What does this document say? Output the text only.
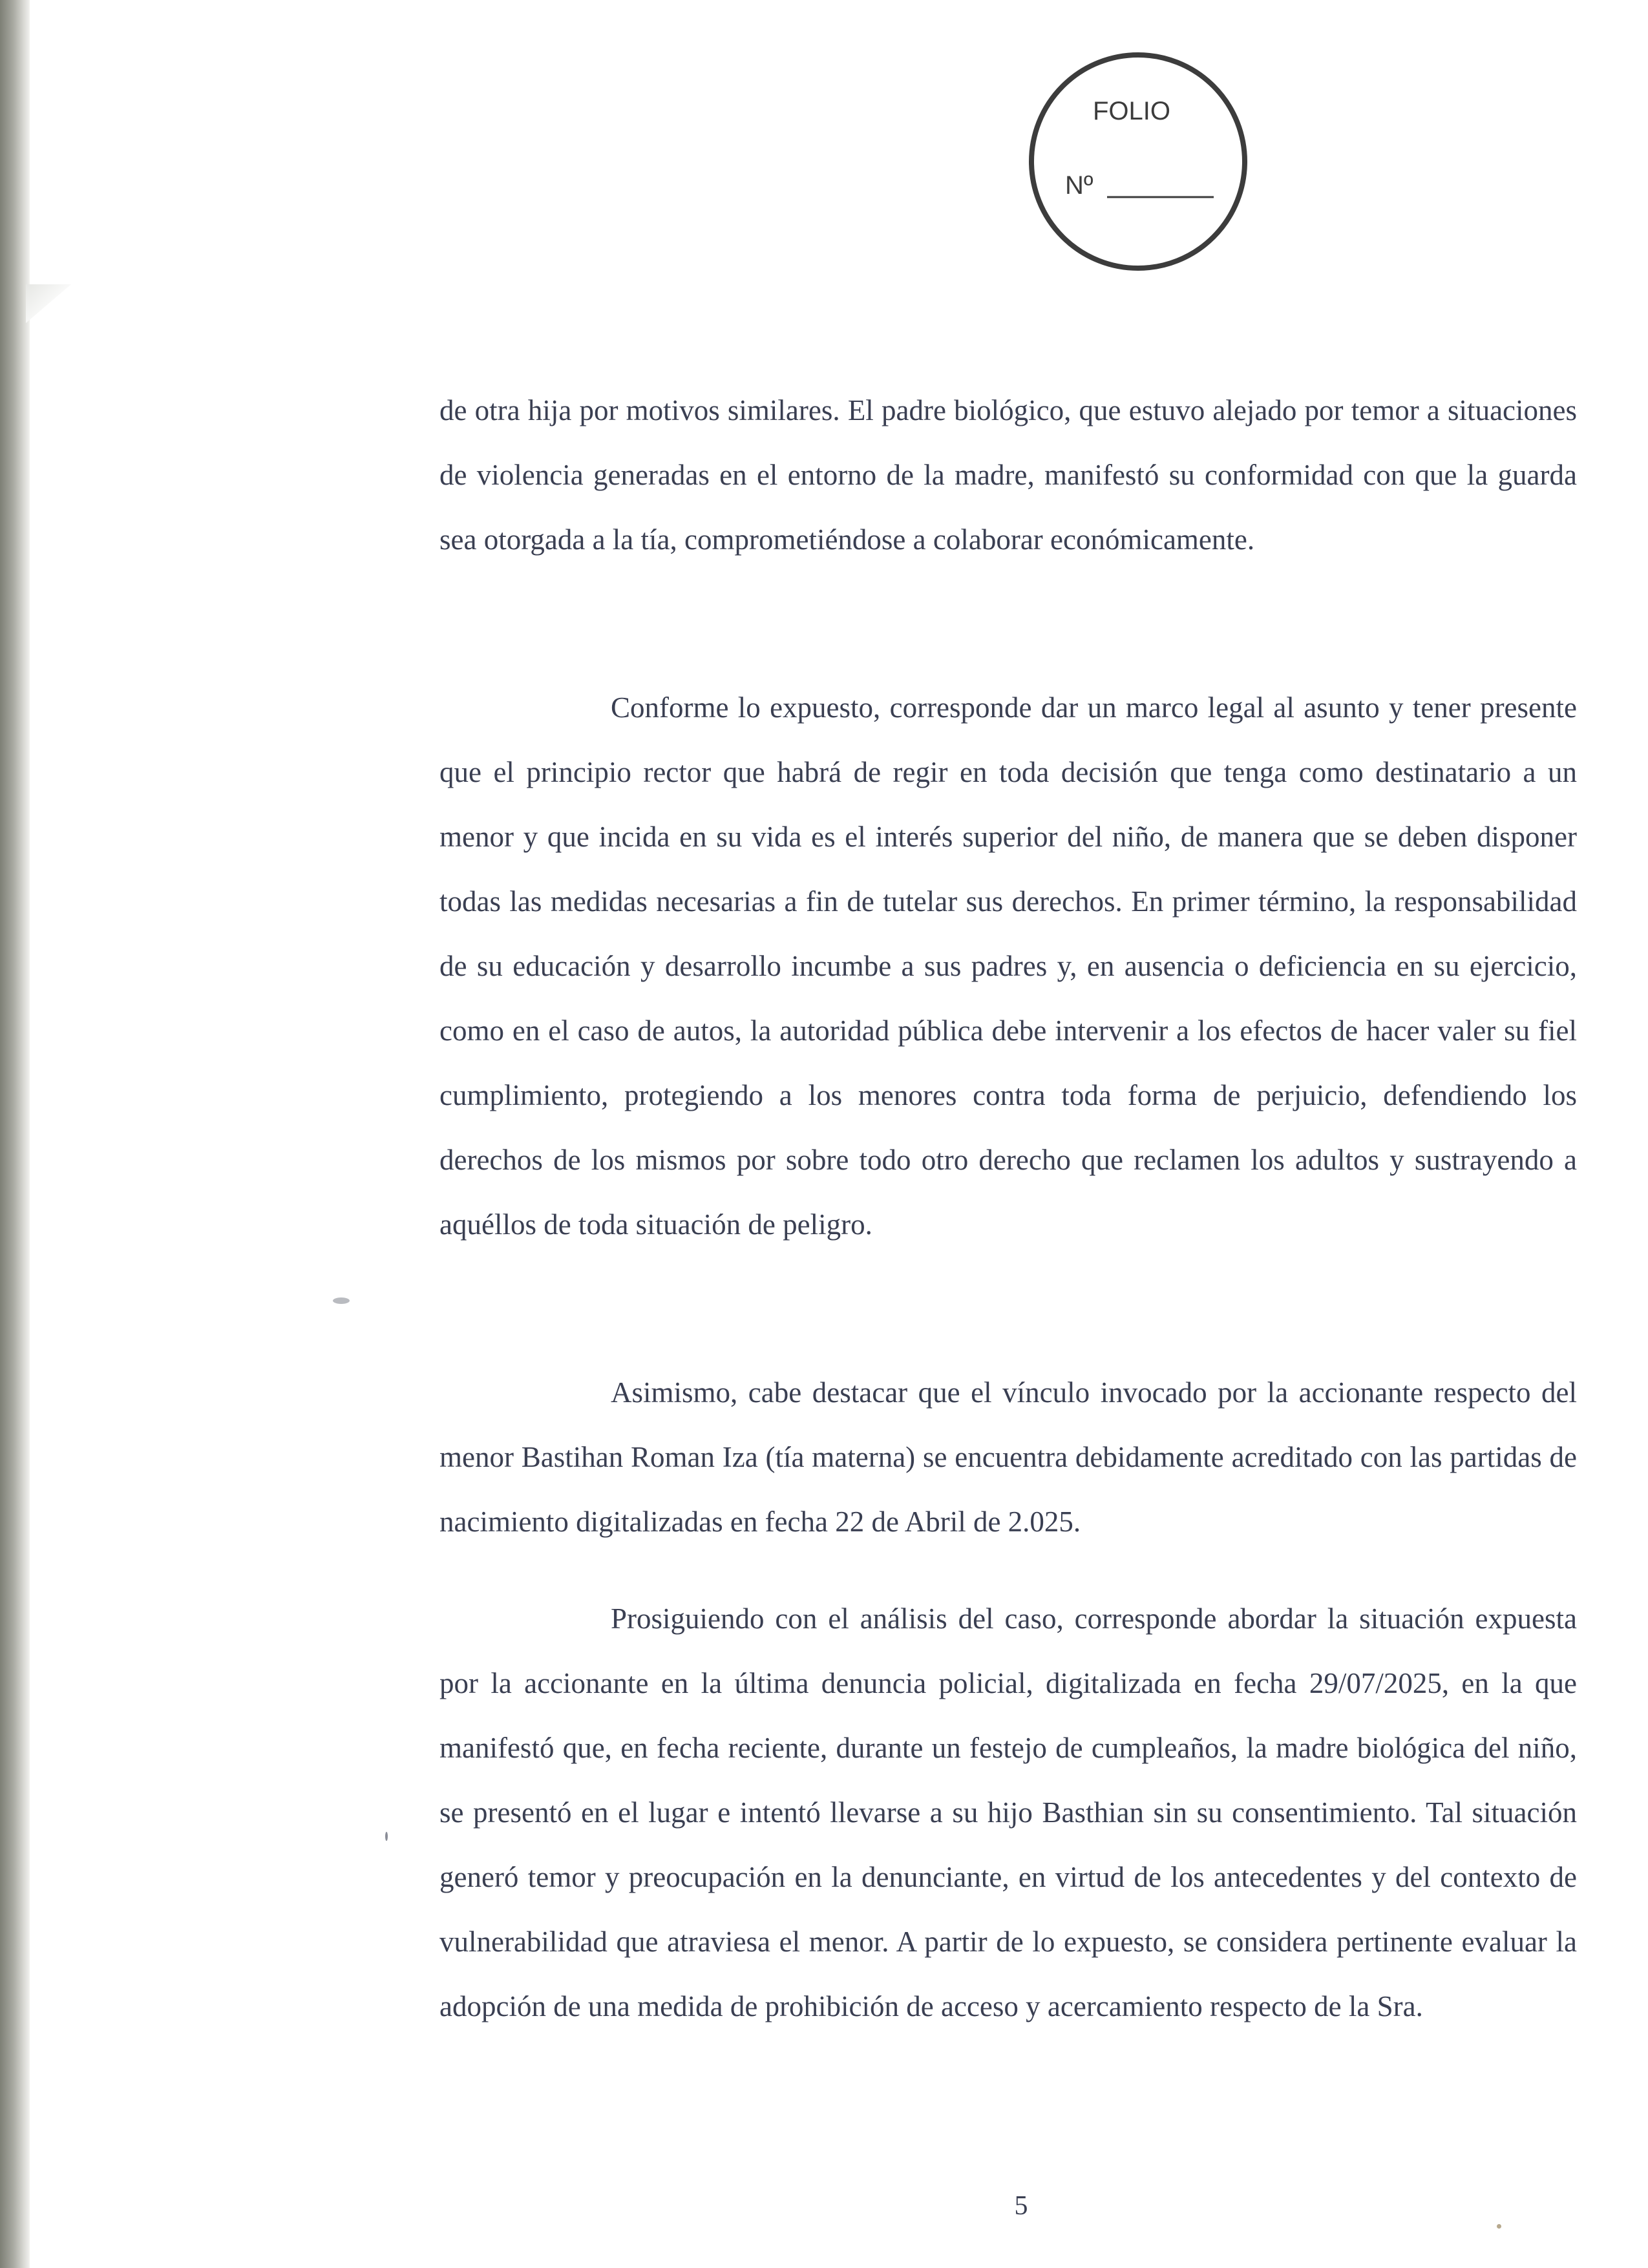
FOLIO
Nº
de otra hija por motivos similares. El padre biológico, que estuvo alejado por temor a situaciones de violencia generadas en el entorno de la madre, manifestó su conformidad con que la guarda sea otorgada a la tía, comprometiéndose a colaborar económicamente.
Conforme lo expuesto, corresponde dar un marco legal al asunto y tener presente que el principio rector que habrá de regir en toda decisión que tenga como destinatario a un menor y que incida en su vida es el interés superior del niño, de manera que se deben disponer todas las medidas necesarias a fin de tutelar sus derechos. En primer término, la responsabilidad de su educación y desarrollo incumbe a sus padres y, en ausencia o deficiencia en su ejercicio, como en el caso de autos, la autoridad pública debe intervenir a los efectos de hacer valer su fiel cumplimiento, protegiendo a los menores contra toda forma de perjuicio, defendiendo los derechos de los mismos por sobre todo otro derecho que reclamen los adultos y sustrayendo a aquéllos de toda situación de peligro.
Asimismo, cabe destacar que el vínculo invocado por la accionante respecto del menor Bastihan Roman Iza (tía materna) se encuentra debidamente acreditado con las partidas de nacimiento digitalizadas en fecha 22 de Abril de 2.025.
Prosiguiendo con el análisis del caso, corresponde abordar la situación expuesta por la accionante en la última denuncia policial, digitalizada en fecha 29/07/2025, en la que manifestó que, en fecha reciente, durante un festejo de cumpleaños, la madre biológica del niño, se presentó en el lugar e intentó llevarse a su hijo Basthian sin su consentimiento. Tal situación generó temor y preocupación en la denunciante, en virtud de los antecedentes y del contexto de vulnerabilidad que atraviesa el menor. A partir de lo expuesto, se considera pertinente evaluar la adopción de una medida de prohibición de acceso y acercamiento respecto de la Sra.
5
